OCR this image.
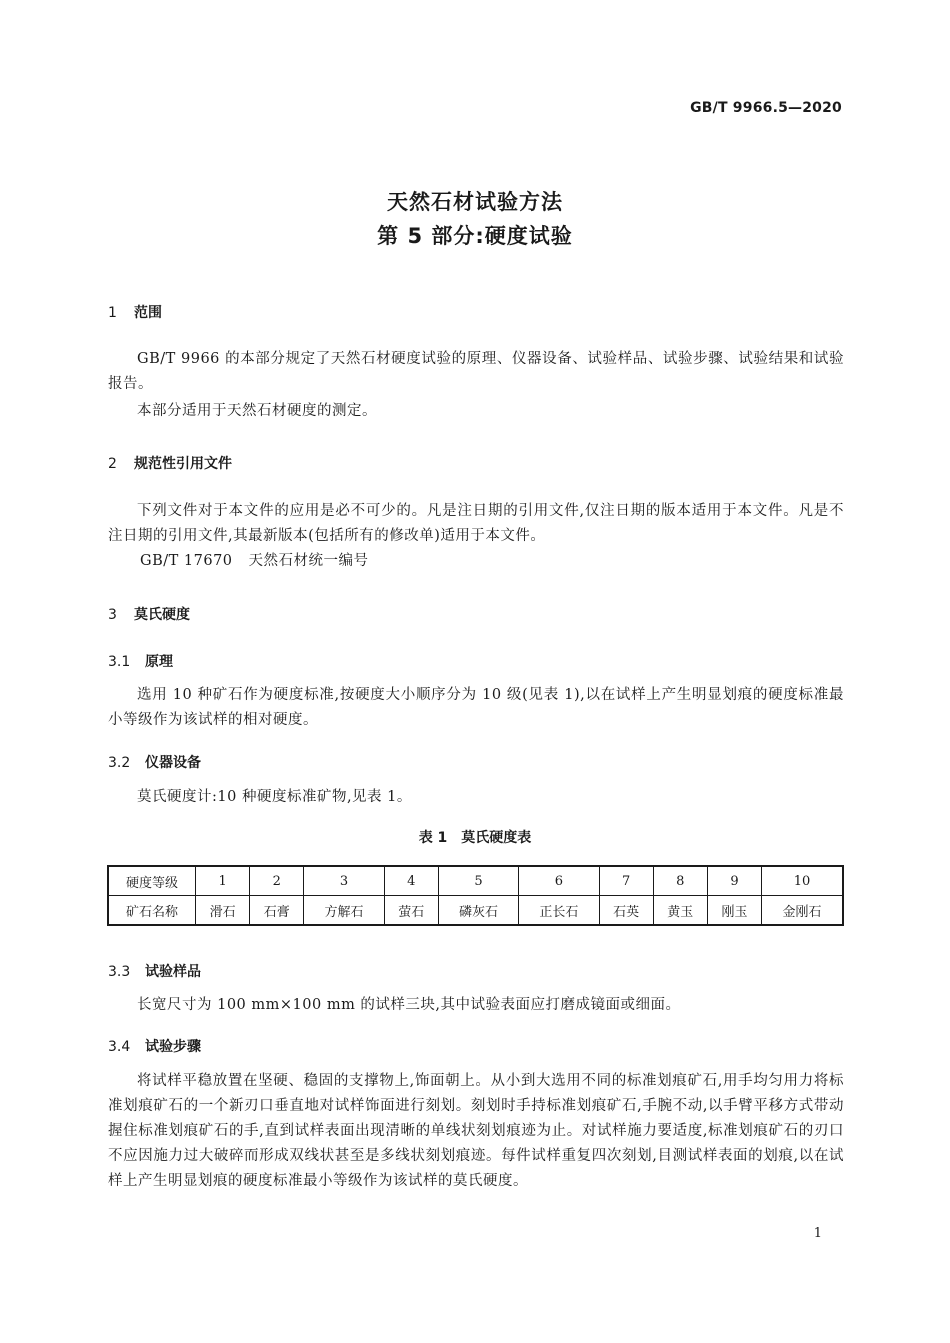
GB/T 9966.5—2020
天然石材试验方法
第 5 部分:硬度试验
1 范围
GB/T 9966 的本部分规定了天然石材硬度试验的原理、仪器设备、试验样品、试验步骤、试验结果和试验报告。
本部分适用于天然石材硬度的测定。
2 规范性引用文件
下列文件对于本文件的应用是必不可少的。凡是注日期的引用文件,仅注日期的版本适用于本文件。凡是不注日期的引用文件,其最新版本(包括所有的修改单)适用于本文件。
GB/T 17670 天然石材统一编号
3 莫氏硬度
3.1 原理
选用 10 种矿石作为硬度标准,按硬度大小顺序分为 10 级(见表 1),以在试样上产生明显划痕的硬度标准最小等级作为该试样的相对硬度。
3.2 仪器设备
莫氏硬度计:10 种硬度标准矿物,见表 1。
表 1　莫氏硬度表
硬度等级	1	2	3	4	5	6	7	8	9	10
矿石名称	滑石	石膏	方解石	萤石	磷灰石	正长石	石英	黄玉	刚玉	金刚石
3.3 试验样品
长宽尺寸为 100 mm×100 mm 的试样三块,其中试验表面应打磨成镜面或细面。
3.4 试验步骤
将试样平稳放置在坚硬、稳固的支撑物上,饰面朝上。从小到大选用不同的标准划痕矿石,用手均匀用力将标准划痕矿石的一个新刃口垂直地对试样饰面进行刻划。刻划时手持标准划痕矿石,手腕不动,以手臂平移方式带动握住标准划痕矿石的手,直到试样表面出现清晰的单线状刻划痕迹为止。对试样施力要适度,标准划痕矿石的刃口不应因施力过大破碎而形成双线状甚至是多线状刻划痕迹。每件试样重复四次刻划,目测试样表面的划痕,以在试样上产生明显划痕的硬度标准最小等级作为该试样的莫氏硬度。
1
